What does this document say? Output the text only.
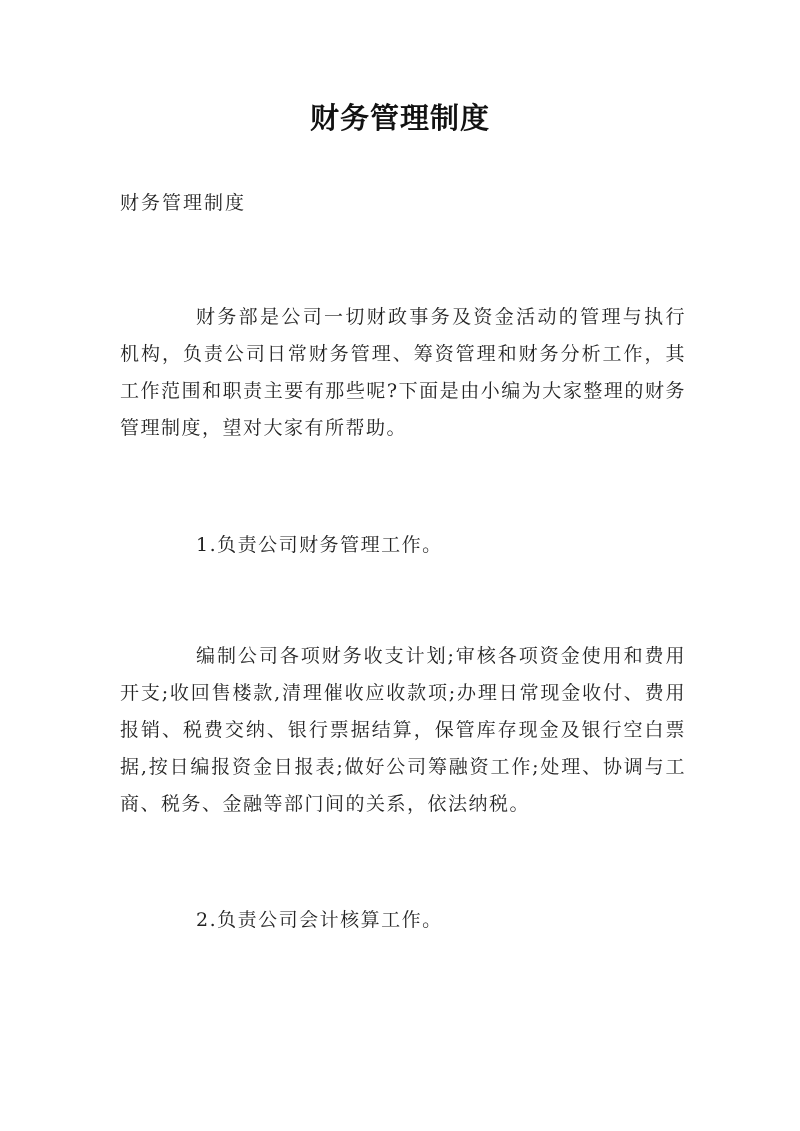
财务管理制度

财务管理制度

财务部是公司一切财政事务及资金活动的管理与执行机构，负责公司日常财务管理、筹资管理和财务分析工作，其工作范围和职责主要有那些呢?下面是由小编为大家整理的财务管理制度，望对大家有所帮助。

1.负责公司财务管理工作。

编制公司各项财务收支计划;审核各项资金使用和费用开支;收回售楼款,清理催收应收款项;办理日常现金收付、费用报销、税费交纳、银行票据结算，保管库存现金及银行空白票据,按日编报资金日报表;做好公司筹融资工作;处理、协调与工商、税务、金融等部门间的关系，依法纳税。

2.负责公司会计核算工作。
